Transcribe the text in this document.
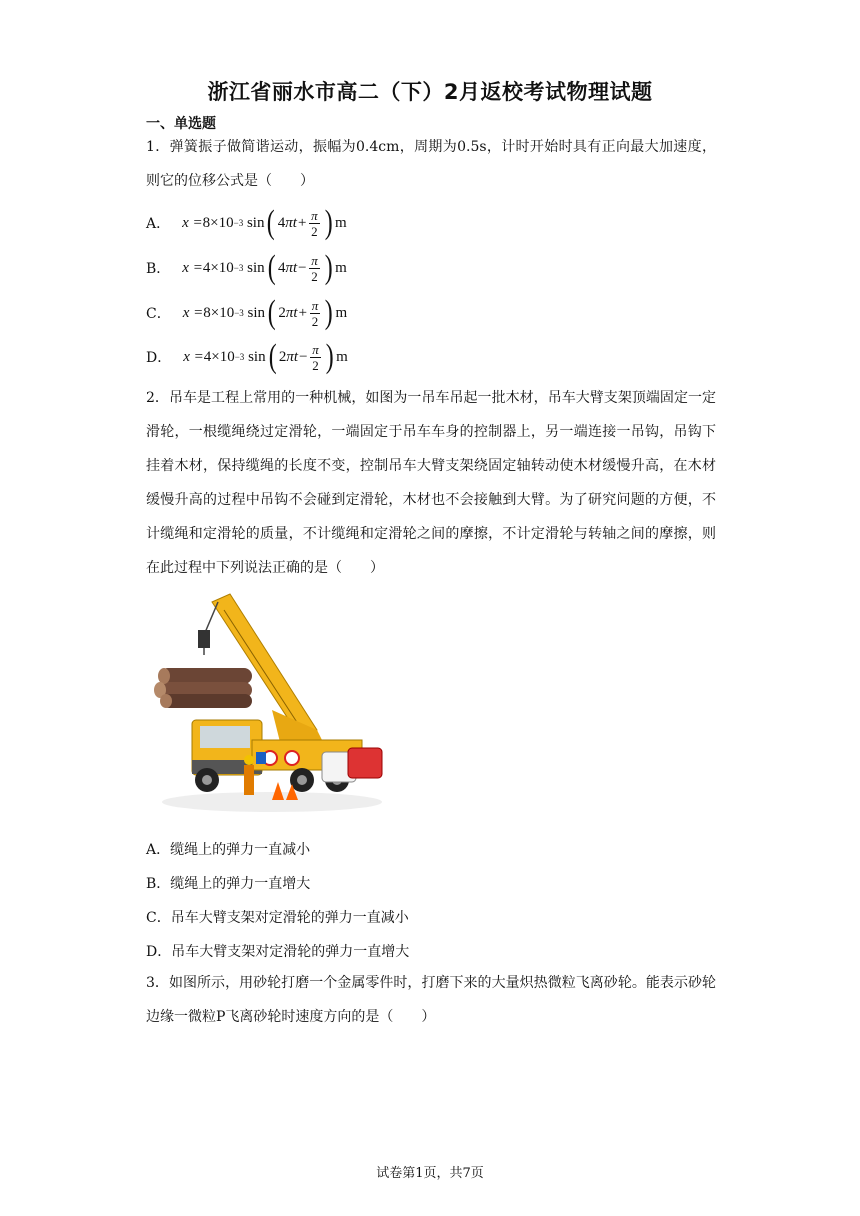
浙江省丽水市高二（下）2月返校考试物理试题
一、单选题
1．弹簧振子做简谐运动，振幅为0.4cm，周期为0.5s，计时开始时具有正向最大加速度，则它的位移公式是（　　）
A． x = 8 ×10 −3 sin ( 4 $\pi t + \frac{\pi}{2}$ ) m
B． x = 4 ×10 −3 sin ( 4 $\pi t - \frac{\pi}{2}$ ) m
C． x = 8 ×10 −3 sin ( 2 $\pi t + \frac{\pi}{2}$ ) m
D． x = 4 ×10 −3 sin ( 2 $\pi t - \frac{\pi}{2}$ ) m
2．吊车是工程上常用的一种机械，如图为一吊车吊起一批木材，吊车大臂支架顶端固定一定滑轮，一根缆绳绕过定滑轮，一端固定于吊车车身的控制器上，另一端连接一吊钩，吊钩下挂着木材，保持缆绳的长度不变，控制吊车大臂支架绕固定轴转动使木材缓慢升高，在木材缓慢升高的过程中吊钩不会碰到定滑轮，木材也不会接触到大臂。为了研究问题的方便，不计缆绳和定滑轮的质量，不计缆绳和定滑轮之间的摩擦，不计定滑轮与转轴之间的摩擦，则在此过程中下列说法正确的是（　　）
A．缆绳上的弹力一直减小
B．缆绳上的弹力一直增大
C．吊车大臂支架对定滑轮的弹力一直减小
D．吊车大臂支架对定滑轮的弹力一直增大
3．如图所示，用砂轮打磨一个金属零件时，打磨下来的大量炽热微粒飞离砂轮。能表示砂轮边缘一微粒P飞离砂轮时速度方向的是（　　）
试卷第1页，共7页
